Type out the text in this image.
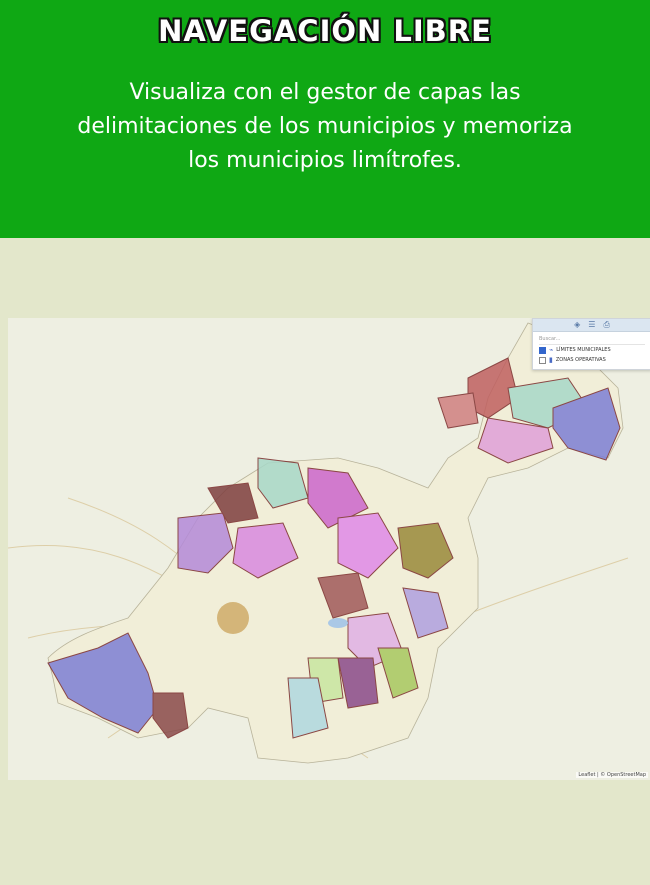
NAVEGACIÓN LIBRE
Visualiza con el gestor de capas las delimitaciones de los municipios y memoriza los municipios limítrofes.
◈ ☰ ⎙
Buscar...
⌁ LÍMITES MUNICIPALES
▮ ZONAS OPERATIVAS
Leaflet | © OpenStreetMap
